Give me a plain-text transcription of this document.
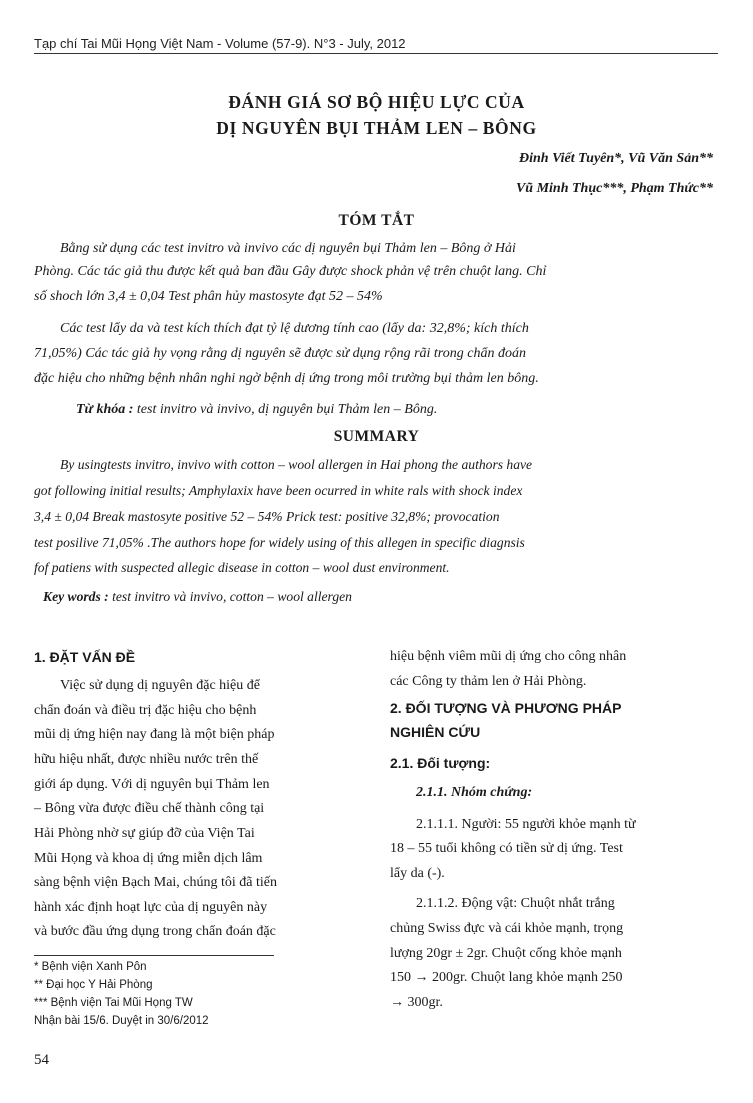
Tạp chí Tai Mũi Họng Việt Nam - Volume (57-9). N°3 - July, 2012
ĐÁNH GIÁ SƠ BỘ HIỆU LỰC CỦA
DỊ NGUYÊN BỤI THẢM LEN – BÔNG
Đinh Viết Tuyên*, Vũ Văn Sản**
Vũ Minh Thục***, Phạm Thức**
TÓM TẮT
Bằng sử dụng các test invitro và invivo các dị nguyên bụi Thảm len – Bông ở Hải
Phòng. Các tác giả thu được kết quả ban đầu Gây được shock phản vệ trên chuột lang. Chỉ
số shoch lớn 3,4 ± 0,04 Test phân hủy mastosyte đạt 52 – 54%
Các test lẩy da và test kích thích đạt tỷ lệ dương tính cao (lẩy da: 32,8%; kích thích
71,05%) Các tác giả hy vọng rằng dị nguyên sẽ được sử dụng rộng rãi trong chẩn đoán
đặc hiệu cho những bệnh nhân nghi ngờ bệnh dị ứng trong môi trường bụi thảm len bông.
Từ khóa : test invitro và invivo, dị nguyên bụi Thảm len – Bông.
SUMMARY
By usingtests invitro, invivo with cotton – wool allergen in Hai phong the authors have
got following initial results; Amphylaxix have been ocurred in white rals with shock index
3,4 ± 0,04 Break mastosyte positive 52 – 54% Prick test: positive 32,8%; provocation
test posilive 71,05% .The authors hope for widely using of this allegen in specific diagnsis
fof patiens with suspected allegic disease in cotton – wool dust environment.
Key words : test invitro và invivo, cotton – wool allergen
1. ĐẶT VẤN ĐỀ
Việc sử dụng dị nguyên đặc hiệu để
chẩn đoán và điều trị đặc hiệu cho bệnh
mũi dị ứng hiện nay đang là một biện pháp
hữu hiệu nhất, được nhiều nước trên thế
giới áp dụng. Với dị nguyên bụi Thảm len
– Bông vừa được điều chế thành công tại
Hải Phòng nhờ sự giúp đỡ của Viện Tai
Mũi Họng và khoa dị ứng miễn dịch lâm
sàng bệnh viện Bạch Mai, chúng tôi đã tiến
hành xác định hoạt lực của dị nguyên này
và bước đầu ứng dụng trong chẩn đoán đặc
* Bệnh viện Xanh Pôn
** Đại học Y Hải Phòng
*** Bệnh viện Tai Mũi Họng TW
Nhận bài 15/6. Duyệt in 30/6/2012
54
hiệu bệnh viêm mũi dị ứng cho công nhân
các Công ty thảm len ở Hải Phòng.
2. ĐỐI TƯỢNG VÀ PHƯƠNG PHÁP
NGHIÊN CỨU
2.1. Đối tượng:
2.1.1. Nhóm chứng:
2.1.1.1. Người: 55 người khỏe mạnh từ
18 – 55 tuổi không có tiền sử dị ứng. Test
lẩy da (-).
2.1.1.2. Động vật: Chuột nhắt trắng
chủng Swiss đực và cái khỏe mạnh, trọng
lượng 20gr ± 2gr. Chuột cống khỏe mạnh
150 → 200gr. Chuột lang khỏe mạnh 250
→ 300gr.
